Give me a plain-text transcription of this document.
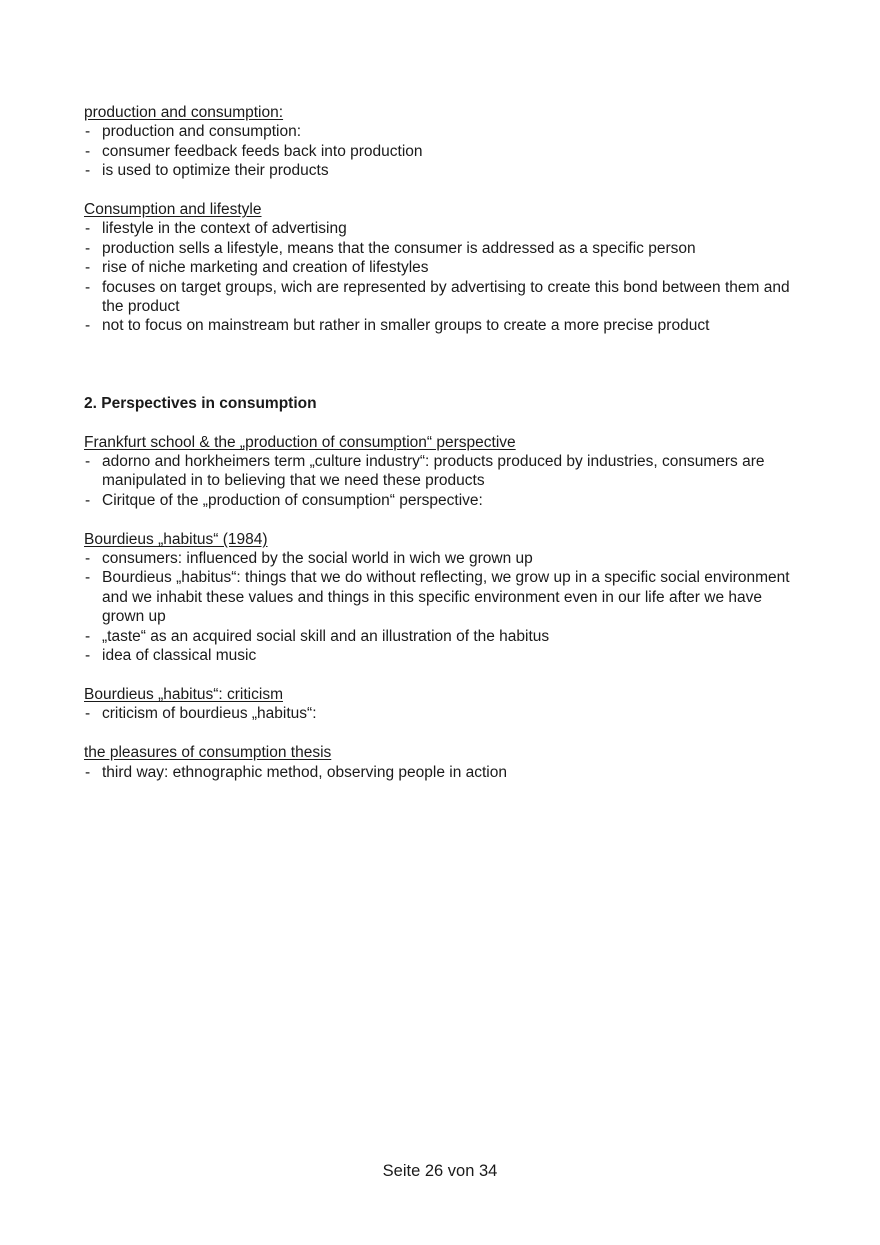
production and consumption:

- production and consumption:
- consumer feedback feeds back into production
- is used to optimize their products

Consumption and lifestyle

- lifestyle in the context of advertising
- production sells a lifestyle, means that the consumer is addressed as a specific person
- rise of niche marketing and creation of lifestyles
- focuses on target groups, wich are represented by advertising to create this bond between them and the product
- not to focus on mainstream but rather in smaller groups to create a more precise product

2. Perspectives in consumption

Frankfurt school & the „production of consumption“ perspective

- adorno and horkheimers term „culture industry“: products produced by industries, consumers are manipulated in to believing that we need these products
- Ciritque of the „production of consumption“ perspective:

Bourdieus „habitus“ (1984)

- consumers: influenced by the social world in wich we grown up
- Bourdieus „habitus“: things that we do without reflecting, we grow up in a specific social environment and we inhabit these values and things in this specific environment even in our life after we have grown up
- „taste“ as an acquired social skill and an illustration of the habitus
- idea of classical music

Bourdieus „habitus“: criticism

- criticism of bourdieus „habitus“:

the pleasures of consumption thesis

- third way: ethnographic method, observing people in action
Seite 26 von 34
